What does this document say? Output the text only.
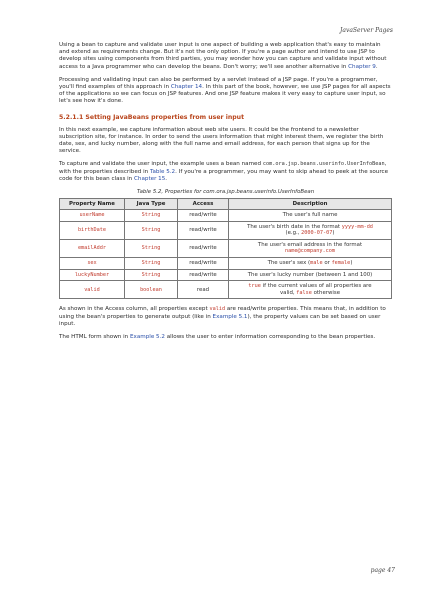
JavaServer Pages

Using a bean to capture and validate user input is one aspect of building a web application that's easy to maintain and extend as requirements change. But it's not the only option. If you're a page author and intend to use JSP to develop sites using components from third parties, you may wonder how you can capture and validate input without access to a Java programmer who can develop the beans. Don't worry; we'll see another alternative in Chapter 9.

Processing and validating input can also be performed by a servlet instead of a JSP page. If you're a programmer, you'll find examples of this approach in Chapter 14. In this part of the book, however, we use JSP pages for all aspects of the applications so we can focus on JSP features. And one JSP feature makes it very easy to capture user input, so let's see how it's done.

5.2.1.1 Setting JavaBeans properties from user input

In this next example, we capture information about web site users. It could be the frontend to a newsletter subscription site, for instance. In order to send the users information that might interest them, we register the birth date, sex, and lucky number, along with the full name and email address, for each person that signs up for the service.

To capture and validate the user input, the example uses a bean named com.ora.jsp.beans.userinfo.UserInfoBean, with the properties described in Table 5.2. If you're a programmer, you may want to skip ahead to peek at the source code for this bean class in Chapter 15.

Table 5.2, Properties for com.ora.jsp.beans.userinfo.UserInfoBean
Property Name	Java Type	Access	Description
userName	String	read/write	The user's full name
birthDate	String	read/write	The user's birth date in the format yyyy-mm-dd
(e.g., 2000-07-07)
emailAddr	String	read/write	The user's email address in the format
name@company.com
sex	String	read/write	The user's sex (male or female)
luckyNumber	String	read/write	The user's lucky number (between 1 and 100)
valid	boolean	read	true if the current values of all properties are
valid, false otherwise

As shown in the Access column, all properties except valid are read/write properties. This means that, in addition to using the bean's properties to generate output (like in Example 5.1), the property values can be set based on user input.

The HTML form shown in Example 5.2 allows the user to enter information corresponding to the bean properties.

page 47
